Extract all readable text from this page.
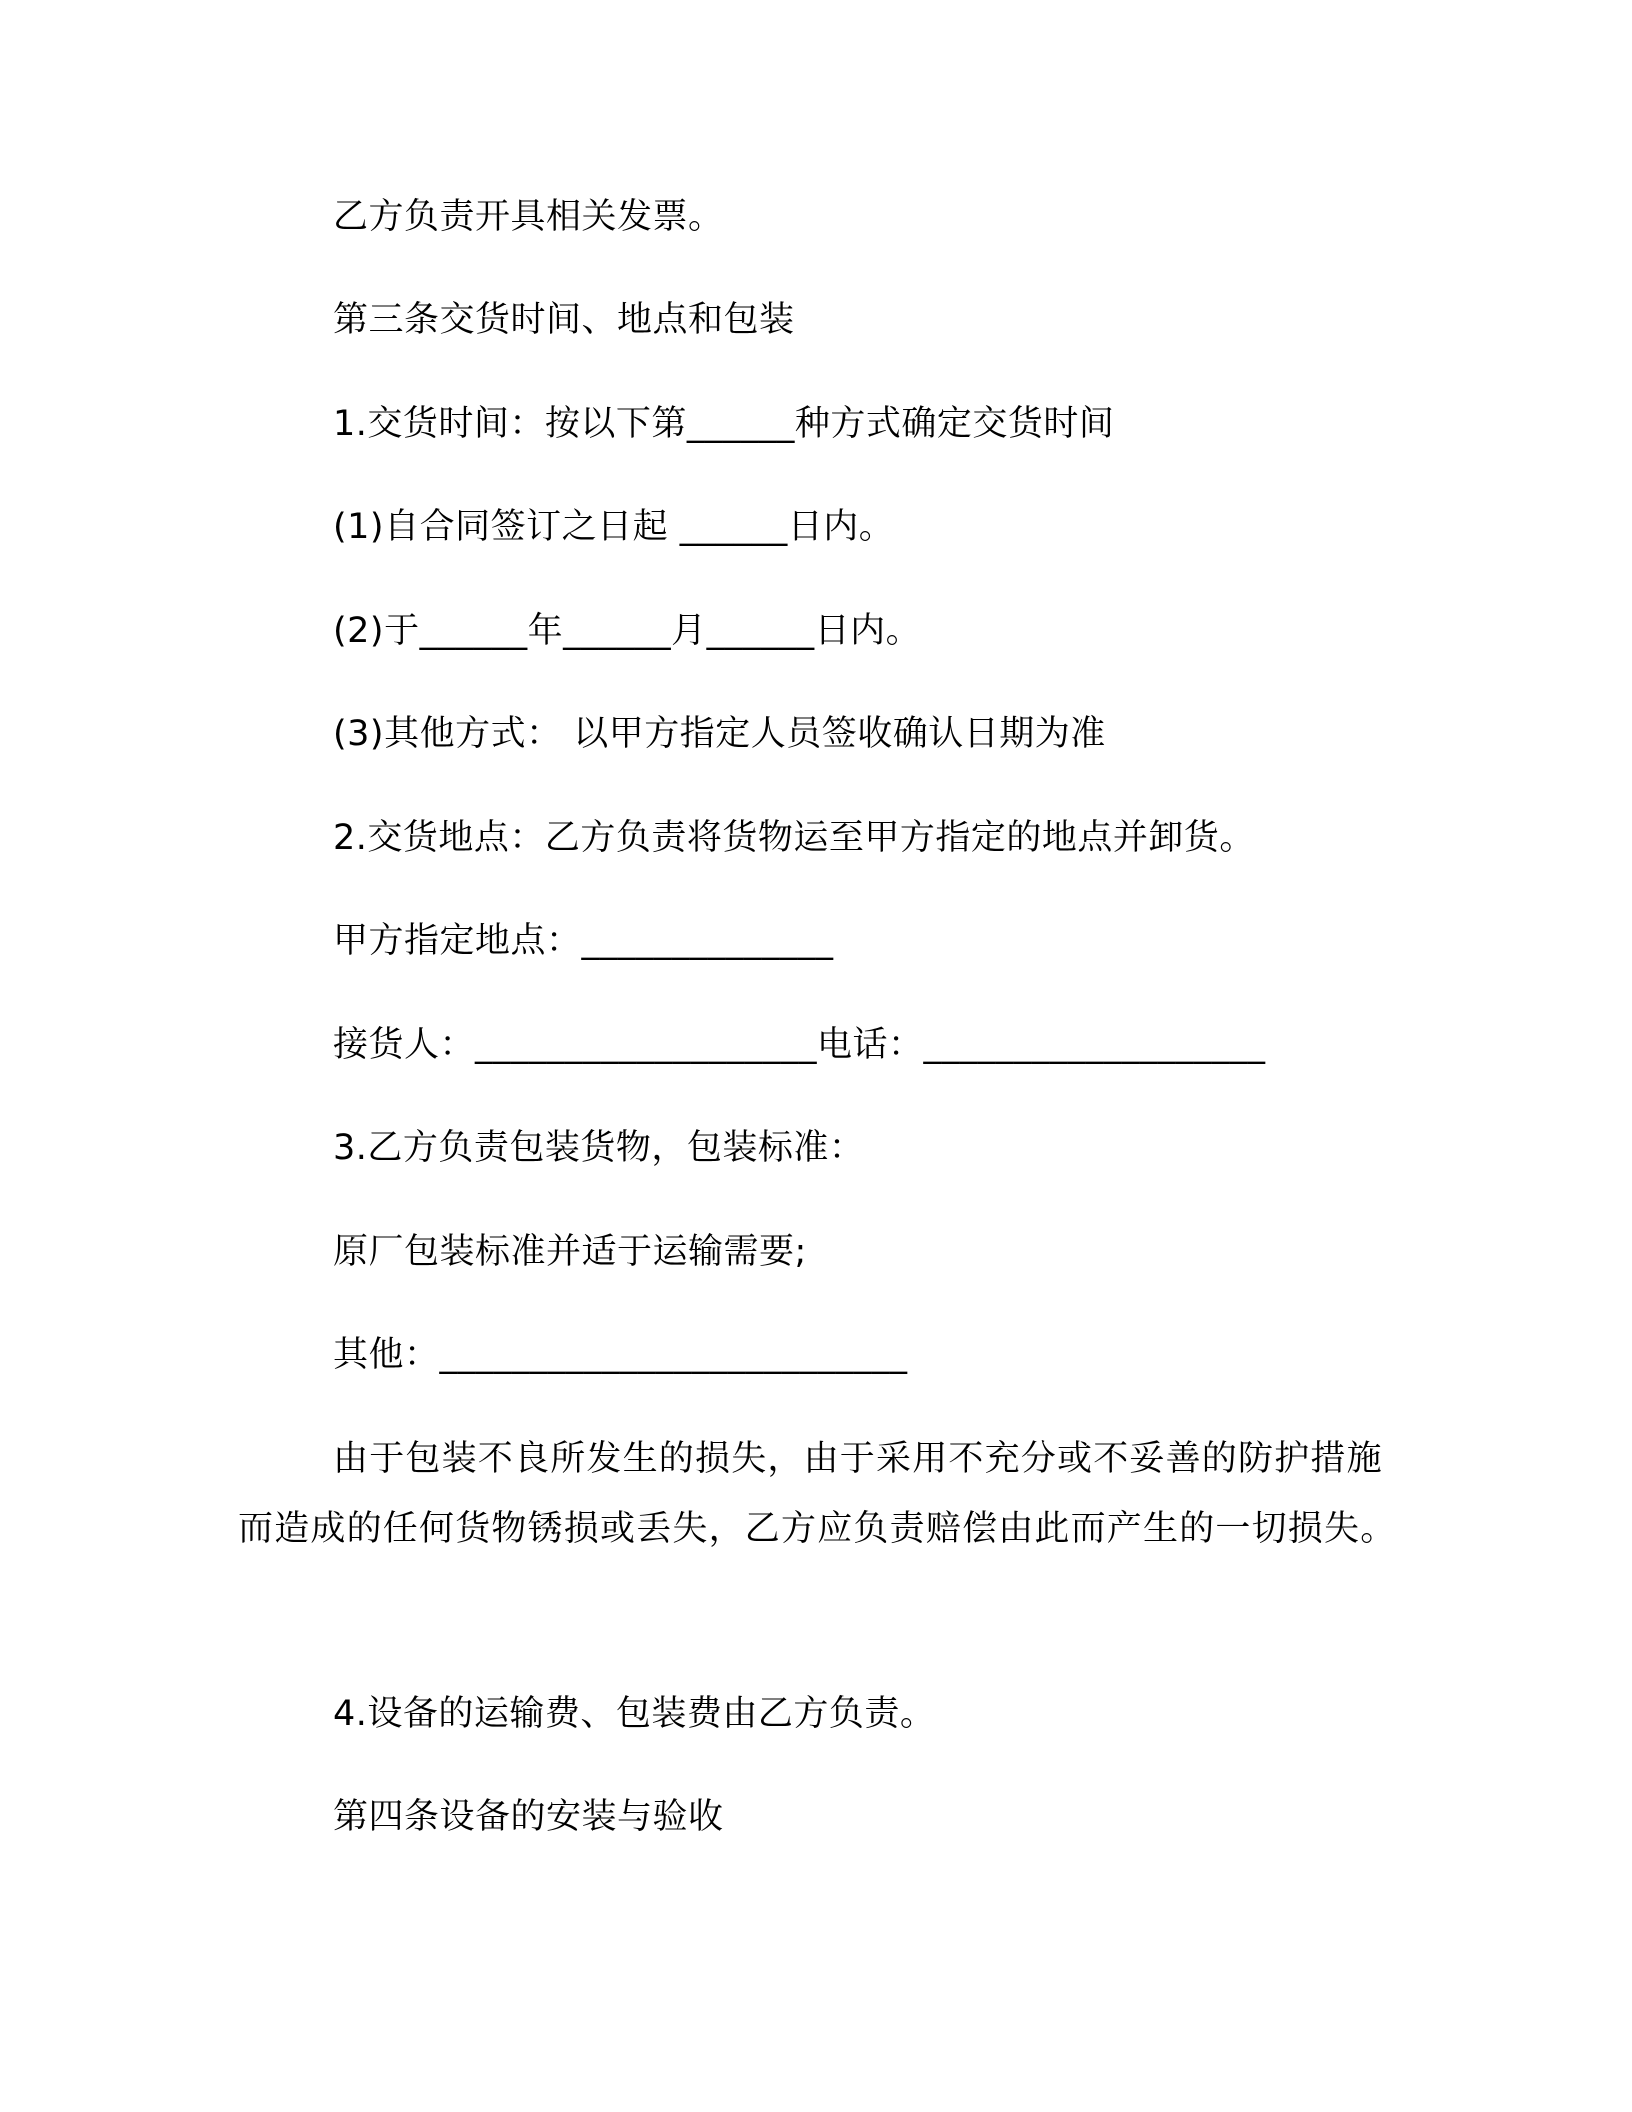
乙方负责开具相关发票。

第三条交货时间、地点和包装

1.交货时间：按以下第______种方式确定交货时间

(1)自合同签订之日起 ______日内。

(2)于______年______月______日内。

(3)其他方式： 以甲方指定人员签收确认日期为准

2.交货地点：乙方负责将货物运至甲方指定的地点并卸货。

甲方指定地点：______________

接货人：___________________电话：___________________

3.乙方负责包装货物，包装标准：

原厂包装标准并适于运输需要;

其他：__________________________

由于包装不良所发生的损失，由于采用不充分或不妥善的防护措施而造成的任何货物锈损或丢失，乙方应负责赔偿由此而产生的一切损失。

4.设备的运输费、包装费由乙方负责。

第四条设备的安装与验收
